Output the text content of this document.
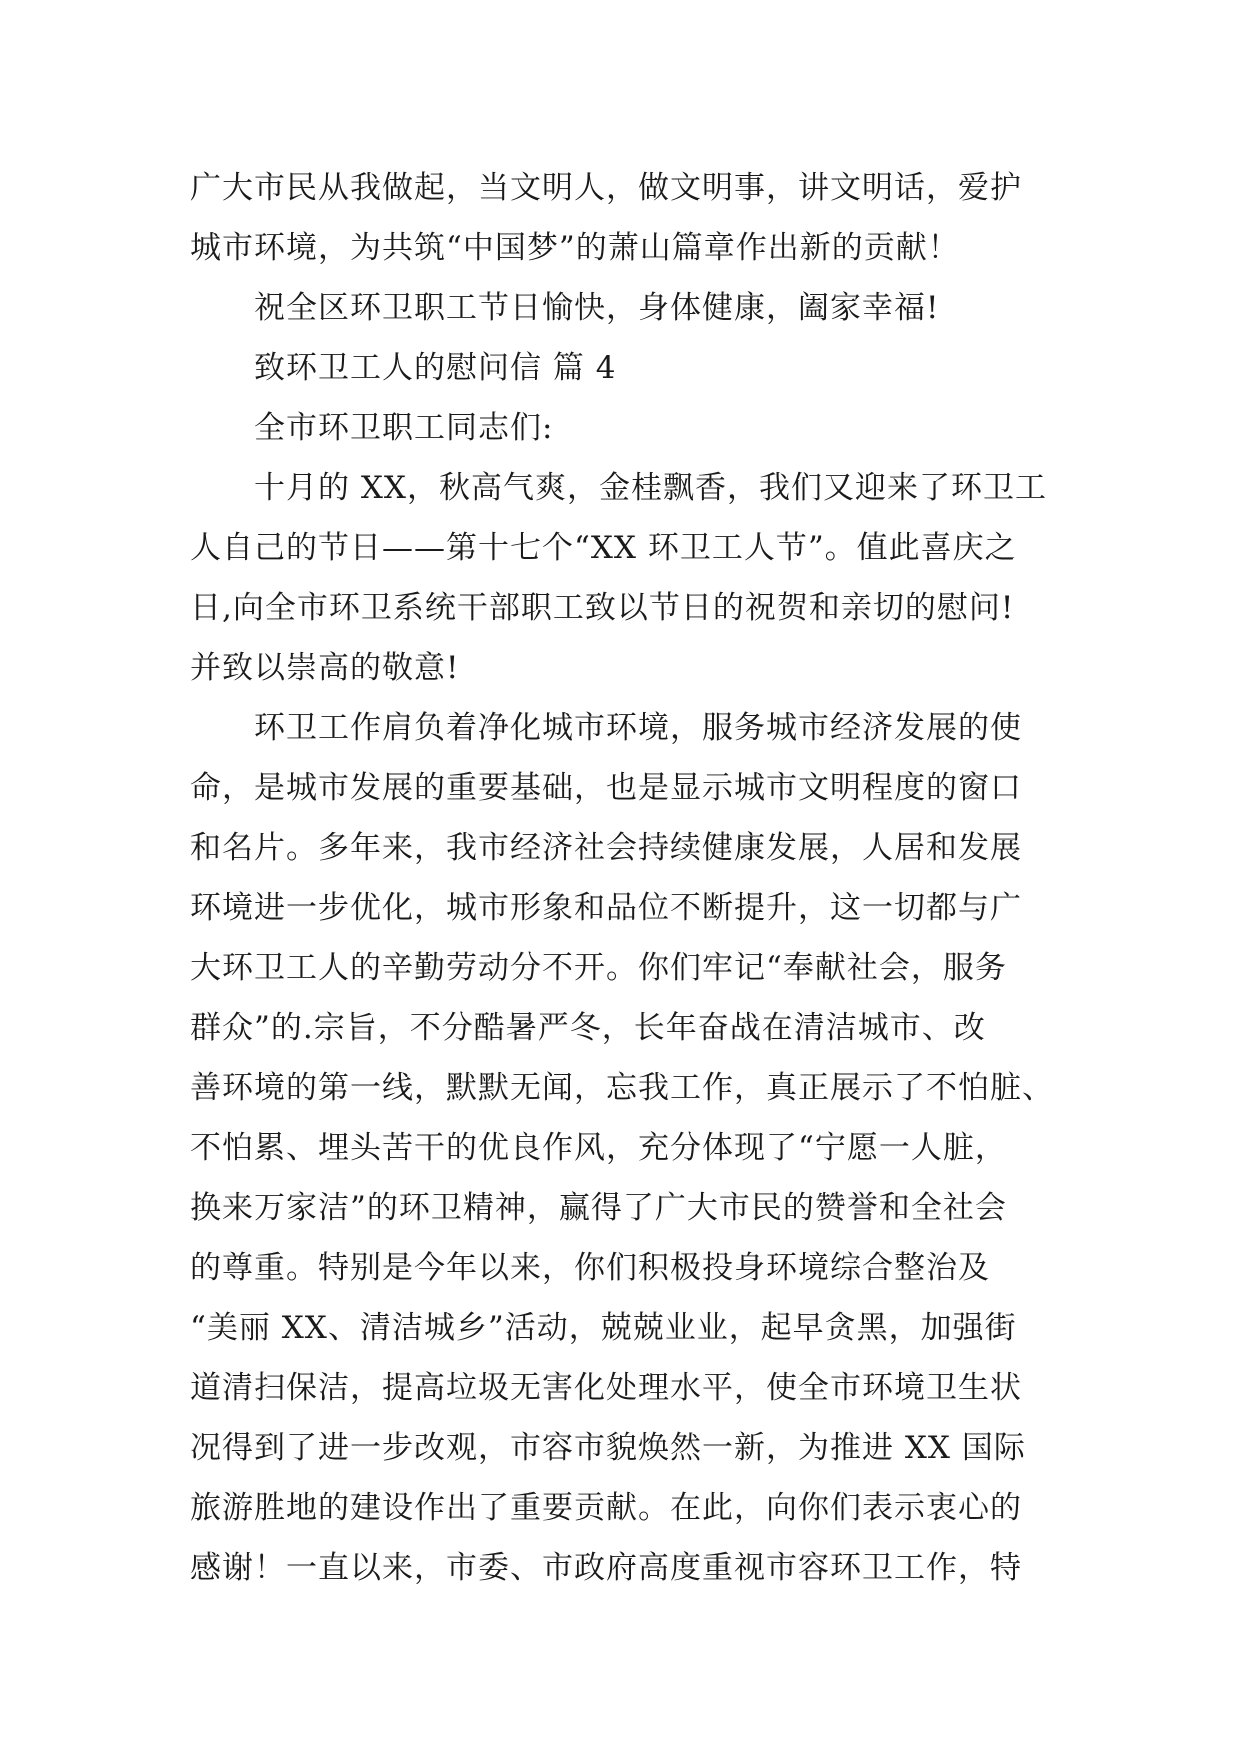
广大市民从我做起，当文明人，做文明事，讲文明话，爱护
城市环境，为共筑“中国梦”的萧山篇章作出新的贡献！
祝全区环卫职工节日愉快，身体健康，阖家幸福!
致环卫工人的慰问信 篇 4
全市环卫职工同志们:
十月的 XX，秋高气爽，金桂飘香，我们又迎来了环卫工
人自己的节日——第十七个“XX 环卫工人节”。值此喜庆之
日,向全市环卫系统干部职工致以节日的祝贺和亲切的慰问!
并致以崇高的敬意!
环卫工作肩负着净化城市环境，服务城市经济发展的使
命，是城市发展的重要基础，也是显示城市文明程度的窗口
和名片。多年来，我市经济社会持续健康发展，人居和发展
环境进一步优化，城市形象和品位不断提升，这一切都与广
大环卫工人的辛勤劳动分不开。你们牢记“奉献社会，服务
群众”的.宗旨，不分酷暑严冬，长年奋战在清洁城市、改
善环境的第一线，默默无闻，忘我工作，真正展示了不怕脏、
不怕累、埋头苦干的优良作风，充分体现了“宁愿一人脏，
换来万家洁”的环卫精神，赢得了广大市民的赞誉和全社会
的尊重。特别是今年以来，你们积极投身环境综合整治及
“美丽 XX、清洁城乡”活动，兢兢业业，起早贪黑，加强街
道清扫保洁，提高垃圾无害化处理水平，使全市环境卫生状
况得到了进一步改观，市容市貌焕然一新，为推进 XX 国际
旅游胜地的建设作出了重要贡献。在此，向你们表示衷心的
感谢！一直以来，市委、市政府高度重视市容环卫工作，特
